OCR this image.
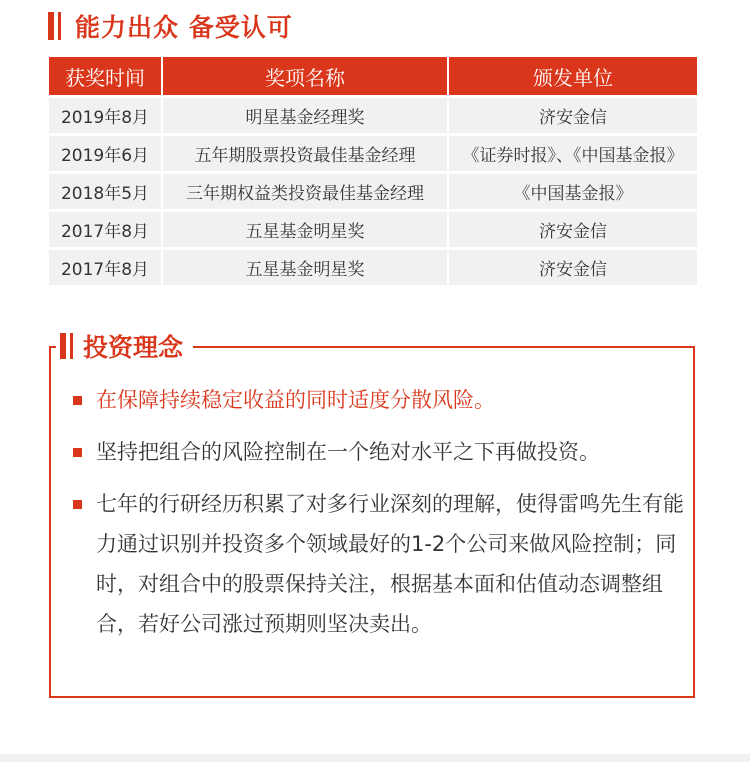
能力出众 备受认可
获奖时间	奖项名称	颁发单位
2019年8月	明星基金经理奖	济安金信
2019年6月	五年期股票投资最佳基金经理	《证券时报》、《中国基金报》
2018年5月	三年期权益类投资最佳基金经理	《中国基金报》
2017年8月	五星基金明星奖	济安金信
2017年8月	五星基金明星奖	济安金信
投资理念
在保障持续稳定收益的同时适度分散风险。
坚持把组合的风险控制在一个绝对水平之下再做投资。
七年的行研经历积累了对多行业深刻的理解，使得雷鸣先生有能力通过识别并投资多个领域最好的1-2个公司来做风险控制；同时，对组合中的股票保持关注，根据基本面和估值动态调整组合，若好公司涨过预期则坚决卖出。
